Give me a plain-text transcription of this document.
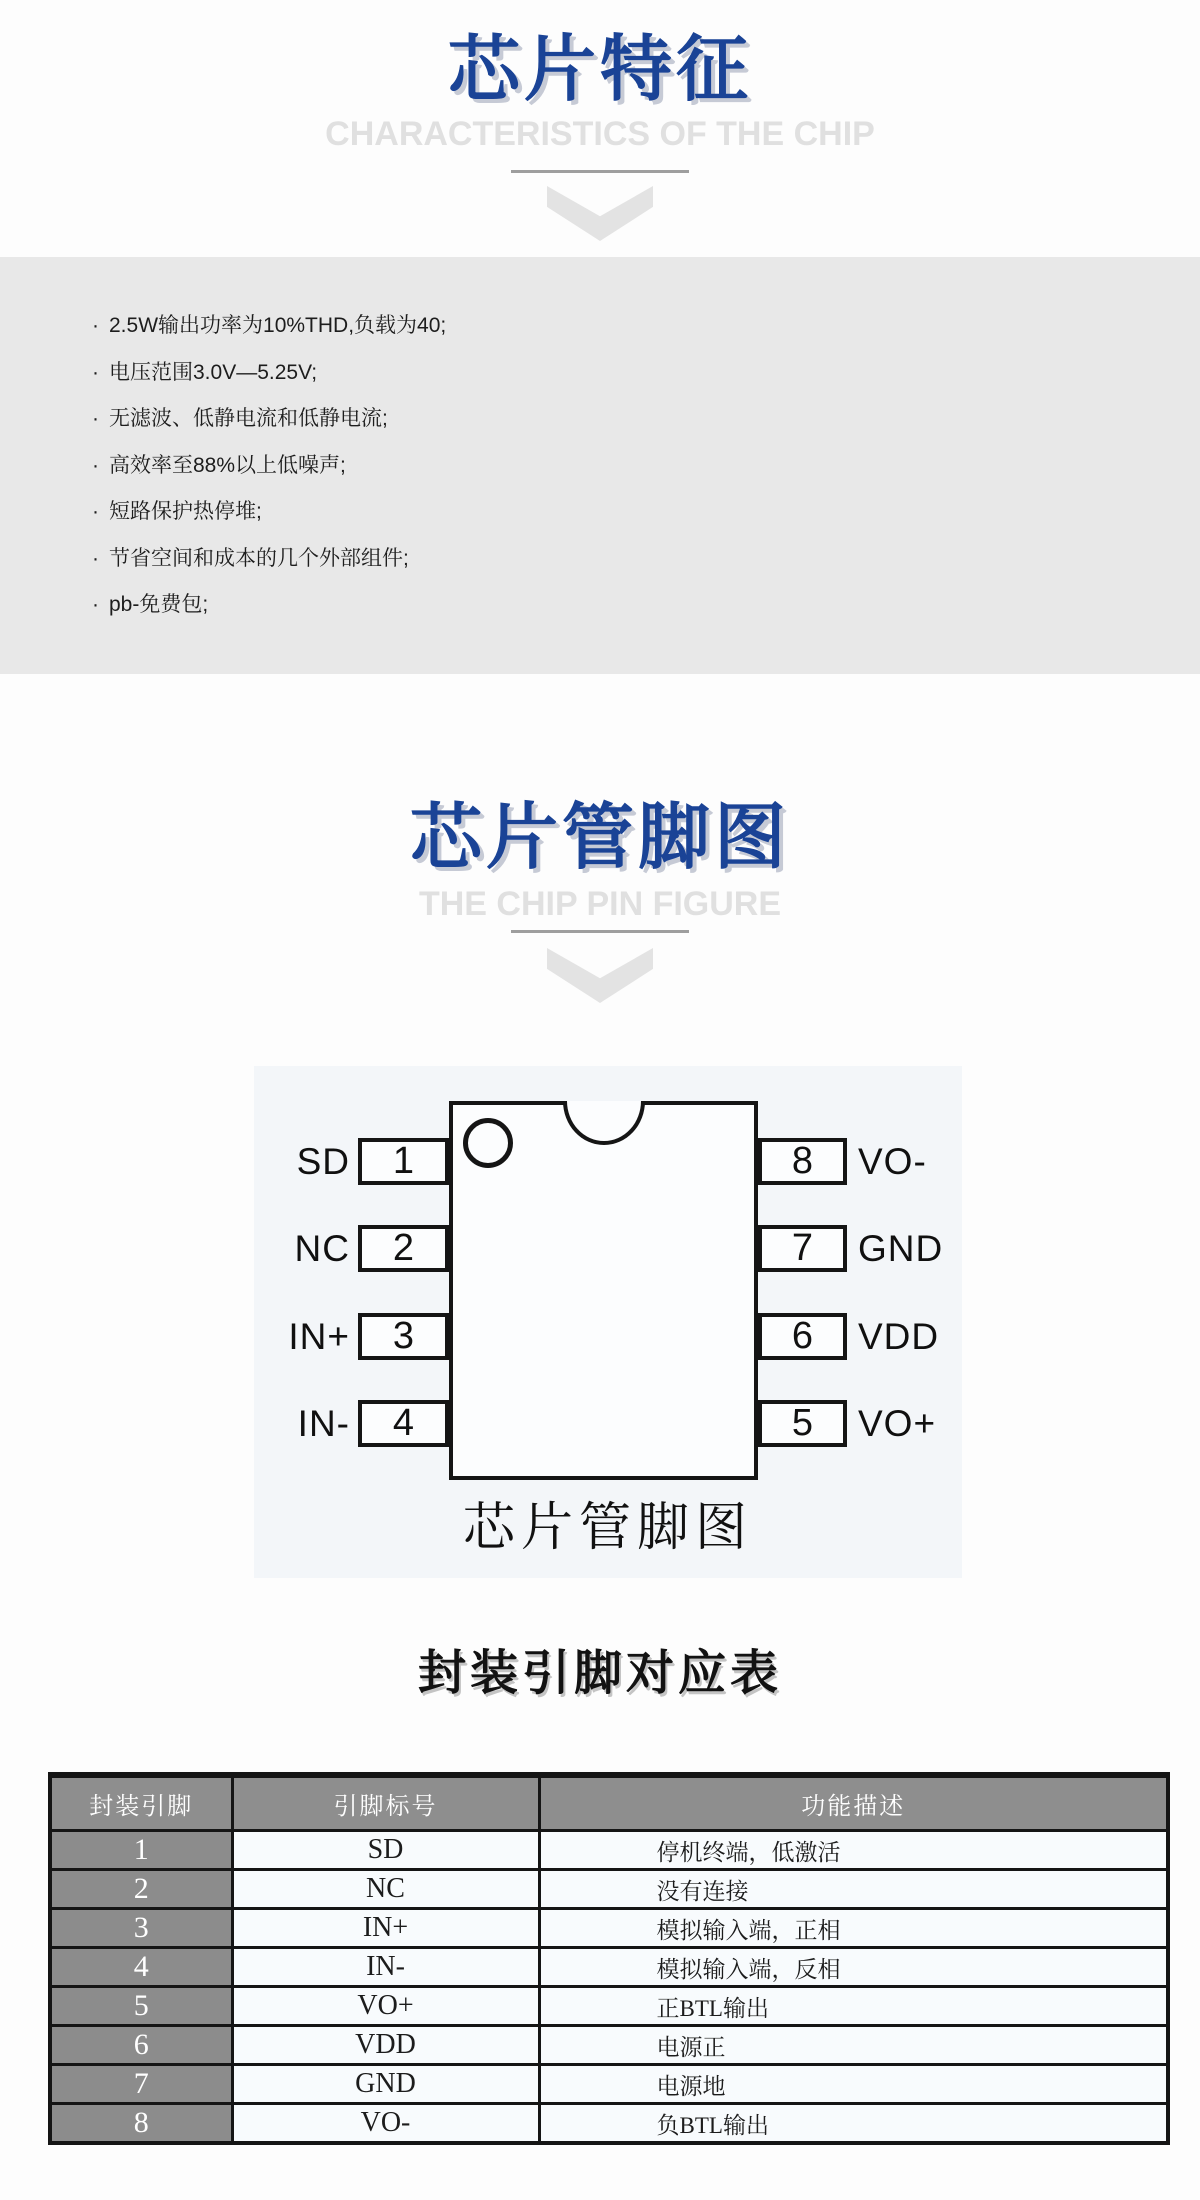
芯片特征
CHARACTERISTICS OF THE CHIP
· 2.5W输出功率为10%THD,负载为40;
· 电压范围3.0V—5.25V;
· 无滤波、低静电流和低静电流;
· 高效率至88%以上低噪声;
· 短路保护热停堆;
· 节省空间和成本的几个外部组件;
· pb-免费包;
芯片管脚图
THE CHIP PIN FIGURE
SD 1
NC 2
IN+ 3
IN- 4
8 VO-
7 GND
6 VDD
5 VO+
芯片管脚图
封装引脚对应表
封装引脚	引脚标号	功能描述
1	SD	停机终端，低激活
2	NC	没有连接
3	IN+	模拟输入端，正相
4	IN-	模拟输入端，反相
5	VO+	正BTL输出
6	VDD	电源正
7	GND	电源地
8	VO-	负BTL输出
